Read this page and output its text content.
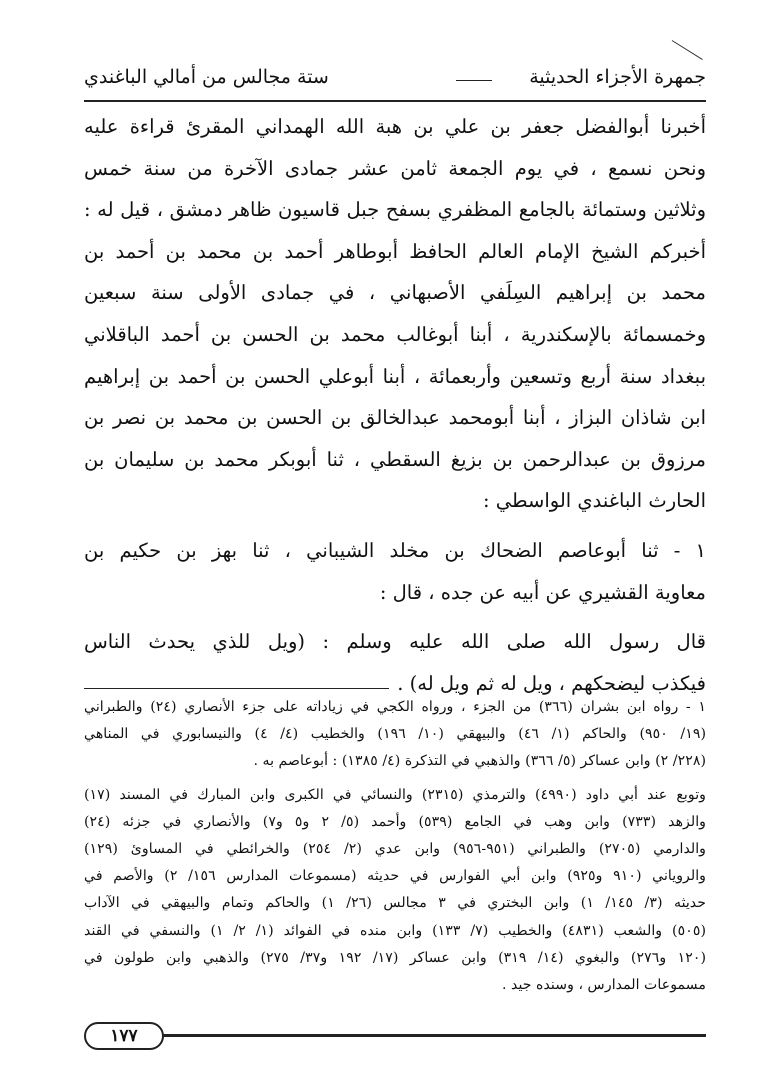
جمهرة الأجزاء الحديثية
ستة مجالس من أمالي الباغندي
أخبرنا أبوالفضل جعفر بن علي بن هبة الله الهمداني المقرئ قراءة عليه
ونحن نسمع ، في يوم الجمعة ثامن عشر جمادى الآخرة من سنة خمس
وثلاثين وستمائة بالجامع المظفري بسفح جبل قاسيون ظاهر دمشق ، قيل له :
أخبركم الشيخ الإمام العالم الحافظ أبوطاهر أحمد بن محمد بن أحمد بن
محمد بن إبراهيم السِلَفي الأصبهاني ، في جمادى الأولى سنة سبعين
وخمسمائة بالإسكندرية ، أبنا أبوغالب محمد بن الحسن بن أحمد الباقلاني
ببغداد سنة أربع وتسعين وأربعمائة ، أبنا أبوعلي الحسن بن أحمد بن إبراهيم
ابن شاذان البزاز ، أبنا أبومحمد عبدالخالق بن الحسن بن محمد بن نصر بن
مرزوق بن عبدالرحمن بن بزيغ السقطي ، ثنا أبوبكر محمد بن سليمان بن
الحارث الباغندي الواسطي :
١ - ثنا أبوعاصم الضحاك بن مخلد الشيباني ، ثنا بهز بن حكيم بن
معاوية القشيري عن أبيه عن جده ، قال :
قال رسول الله صلى الله عليه وسلم : (ويل للذي يحدث الناس
فيكذب ليضحكهم ، ويل له ثم ويل له) .
١ - رواه ابن بشران (٣٦٦) من الجزء ، ورواه الكجي في زياداته على جزء الأنصاري (٢٤) والطبراني
(١٩/ ٩٥٠) والحاكم (١/ ٤٦) والبيهقي (١٠/ ١٩٦) والخطيب (٤/ ٤) والنيسابوري في المناهي
(٢٢٨/ ٢) وابن عساكر (٥/ ٣٦٦) والذهبي في التذكرة (٤/ ١٣٨٥) : أبوعاصم به .
وتوبع عند أبي داود (٤٩٩٠) والترمذي (٢٣١٥) والنسائي في الكبرى وابن المبارك في المسند (١٧)
والزهد (٧٣٣) وابن وهب في الجامع (٥٣٩) وأحمد (٥/ ٢ و٥ و٧) والأنصاري في جزئه (٢٤)
والدارمي (٢٧٠٥) والطبراني (٩٥١-٩٥٦) وابن عدي (٢/ ٢٥٤) والخرائطي في المساوئ (١٢٩)
والروياني (٩١٠ و٩٢٥) وابن أبي الفوارس في حديثه (مسموعات المدارس ١٥٦/ ٢) والأصم في
حديثه (٣/ ١٤٥/ ١) وابن البختري في ٣ مجالس (٢٦/ ١) والحاكم وتمام والبيهقي في الآداب
(٥٠٥) والشعب (٤٨٣١) والخطيب (٧/ ١٣٣) وابن منده في الفوائد (١/ ٢/ ١) والنسفي في القند
(١٢٠ و٢٧٦) والبغوي (١٤/ ٣١٩) وابن عساكر (١٧/ ١٩٢ و٣٧/ ٢٧٥) والذهبي وابن طولون في
مسموعات المدارس ، وسنده جيد .
١٧٧
